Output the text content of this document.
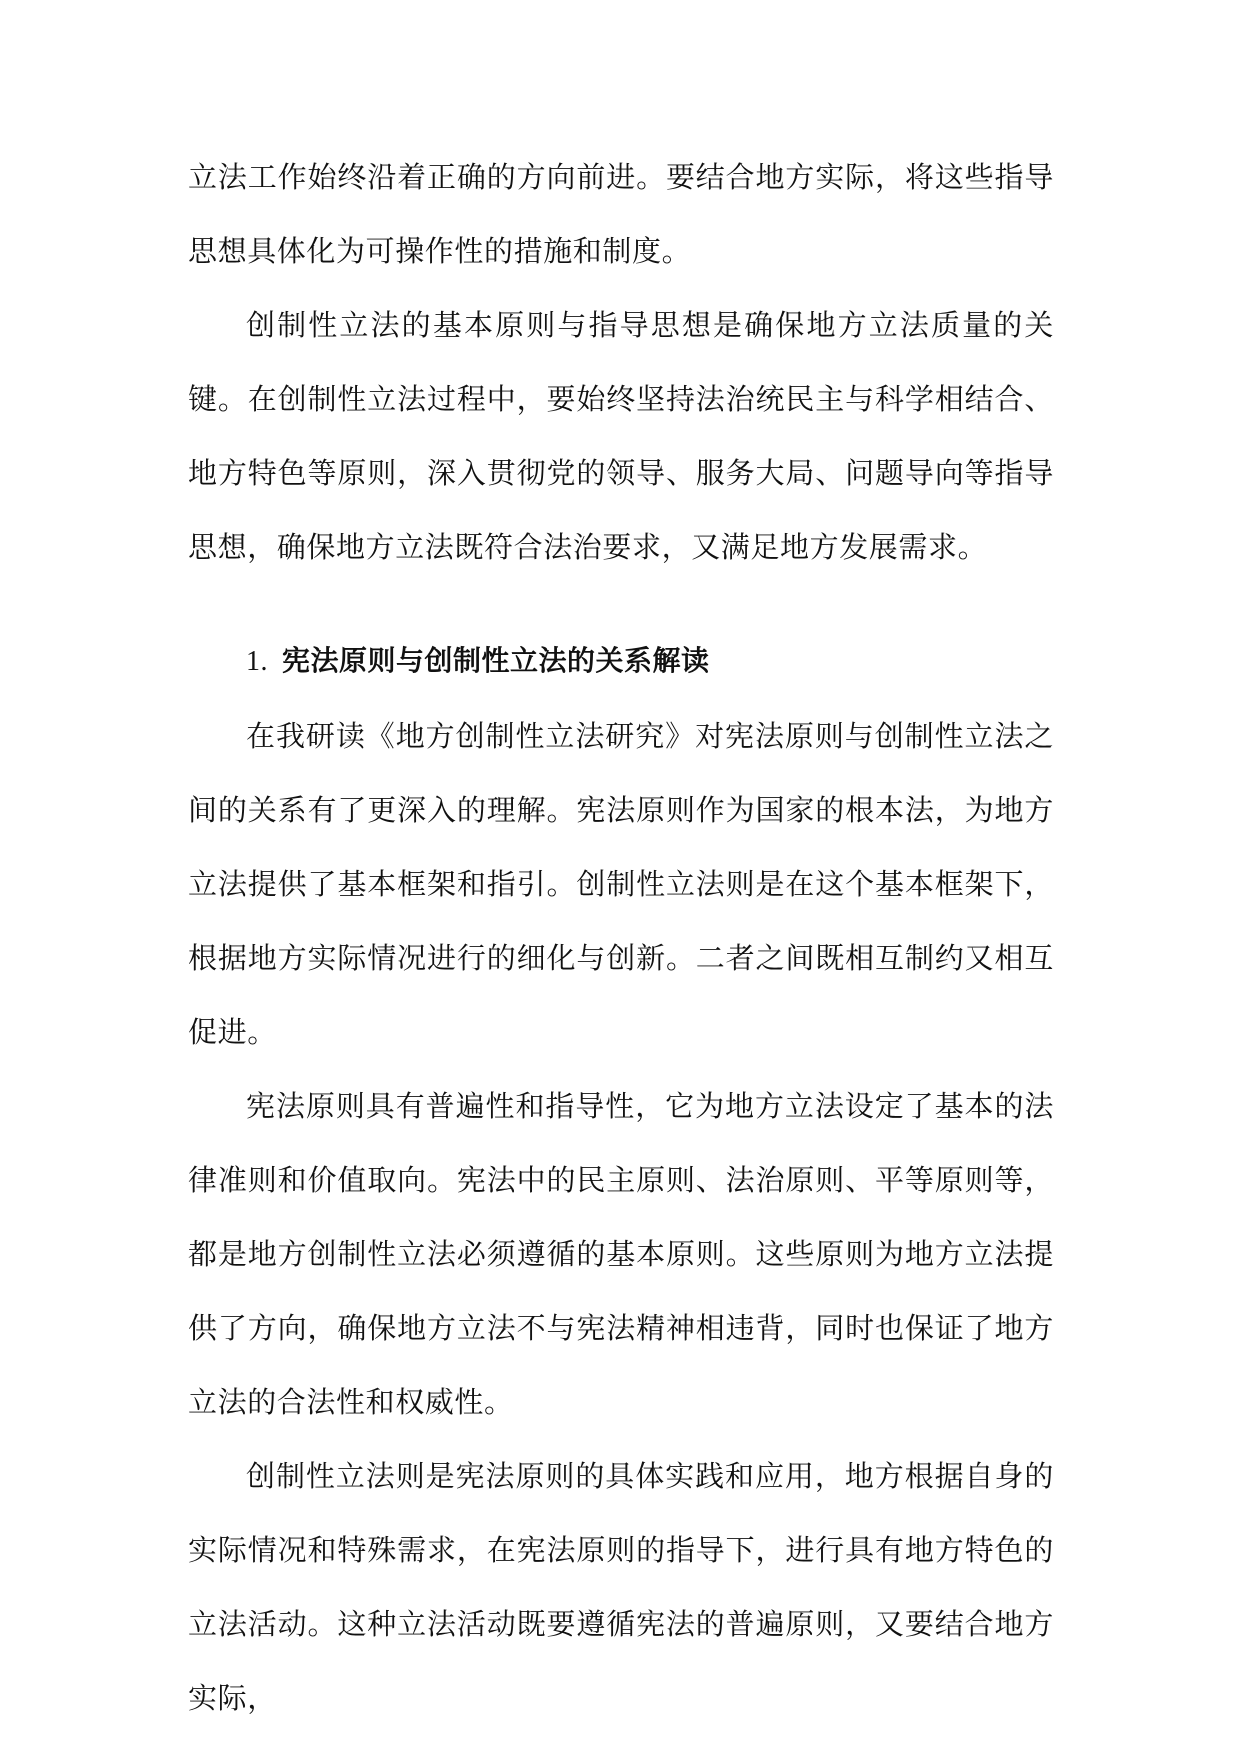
立法工作始终沿着正确的方向前进。要结合地方实际，将这些指导思想具体化为可操作性的措施和制度。

创制性立法的基本原则与指导思想是确保地方立法质量的关键。在创制性立法过程中，要始终坚持法治统民主与科学相结合、地方特色等原则，深入贯彻党的领导、服务大局、问题导向等指导思想，确保地方立法既符合法治要求，又满足地方发展需求。

1. 宪法原则与创制性立法的关系解读

在我研读《地方创制性立法研究》对宪法原则与创制性立法之间的关系有了更深入的理解。宪法原则作为国家的根本法，为地方立法提供了基本框架和指引。创制性立法则是在这个基本框架下，根据地方实际情况进行的细化与创新。二者之间既相互制约又相互促进。

宪法原则具有普遍性和指导性，它为地方立法设定了基本的法律准则和价值取向。宪法中的民主原则、法治原则、平等原则等，都是地方创制性立法必须遵循的基本原则。这些原则为地方立法提供了方向，确保地方立法不与宪法精神相违背，同时也保证了地方立法的合法性和权威性。

创制性立法则是宪法原则的具体实践和应用，地方根据自身的实际情况和特殊需求，在宪法原则的指导下，进行具有地方特色的立法活动。这种立法活动既要遵循宪法的普遍原则，又要结合地方实际，
